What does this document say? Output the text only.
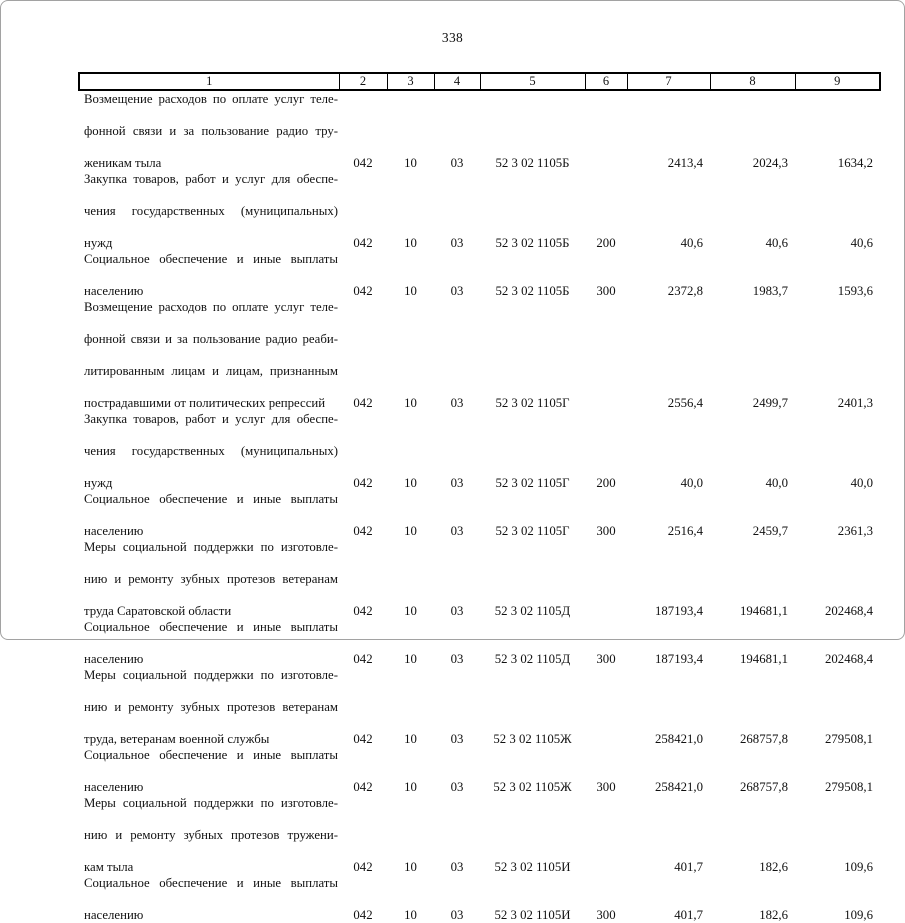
338
1	2	3	4	5	6	7	8	9

Возмещение расходов по оплате услуг теле-
фонной связи и за пользование радио тру-
женикам тыла	042	10	03	52 3 02 1105Б		2413,4	2024,3	1634,2

Закупка товаров, работ и услуг для обеспе-
чения государственных (муниципальных)
нужд	042	10	03	52 3 02 1105Б	200	40,6	40,6	40,6

Социальное обеспечение и иные выплаты
населению	042	10	03	52 3 02 1105Б	300	2372,8	1983,7	1593,6

Возмещение расходов по оплате услуг теле-
фонной связи и за пользование радио реаби-
литированным лицам и лицам, признанным
пострадавшими от политических репрессий	042	10	03	52 3 02 1105Г		2556,4	2499,7	2401,3

Закупка товаров, работ и услуг для обеспе-
чения государственных (муниципальных)
нужд	042	10	03	52 3 02 1105Г	200	40,0	40,0	40,0

Социальное обеспечение и иные выплаты
населению	042	10	03	52 3 02 1105Г	300	2516,4	2459,7	2361,3

Меры социальной поддержки по изготовле-
нию и ремонту зубных протезов ветеранам
труда Саратовской области	042	10	03	52 3 02 1105Д		187193,4	194681,1	202468,4

Социальное обеспечение и иные выплаты
населению	042	10	03	52 3 02 1105Д	300	187193,4	194681,1	202468,4

Меры социальной поддержки по изготовле-
нию и ремонту зубных протезов ветеранам
труда, ветеранам военной службы	042	10	03	52 3 02 1105Ж		258421,0	268757,8	279508,1

Социальное обеспечение и иные выплаты
населению	042	10	03	52 3 02 1105Ж	300	258421,0	268757,8	279508,1

Меры социальной поддержки по изготовле-
нию и ремонту зубных протезов тружени-
кам тыла	042	10	03	52 3 02 1105И		401,7	182,6	109,6

Социальное обеспечение и иные выплаты
населению	042	10	03	52 3 02 1105И	300	401,7	182,6	109,6
